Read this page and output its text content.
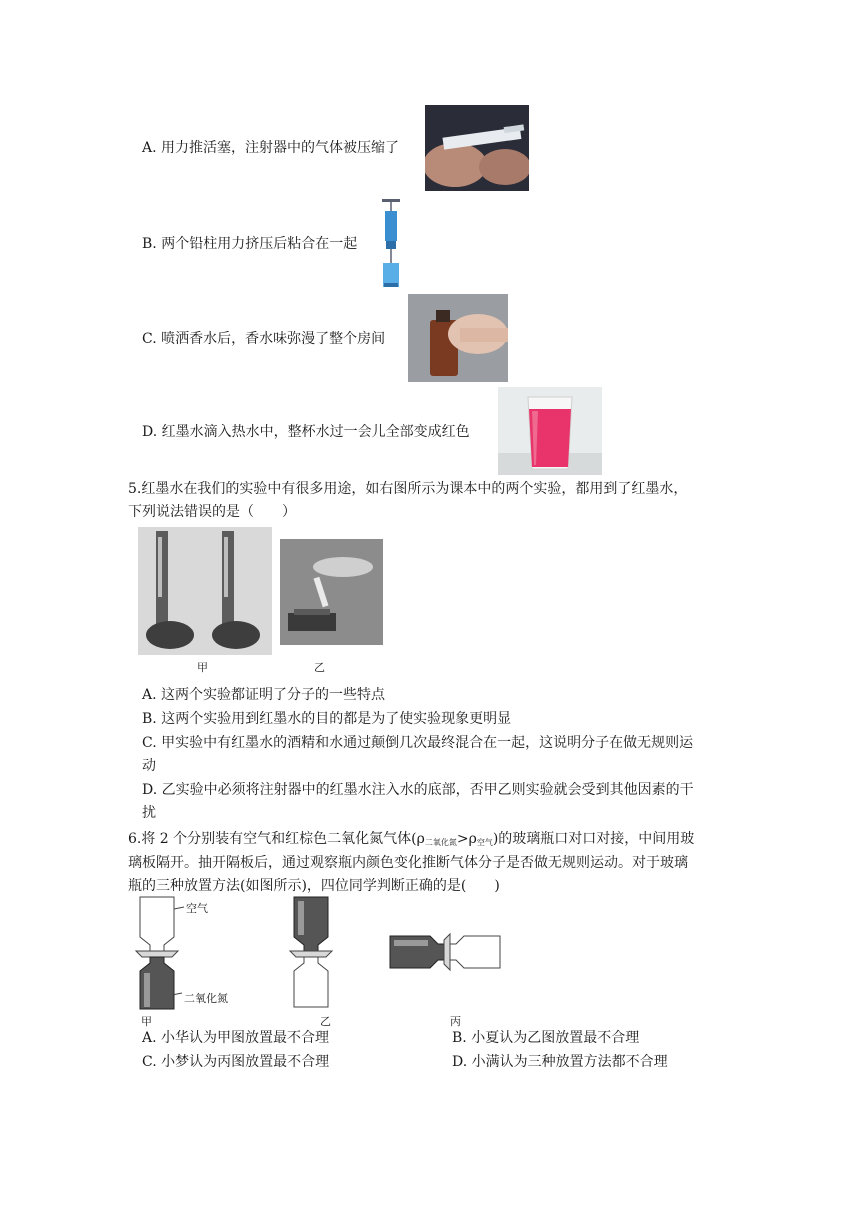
A. 用力推活塞，注射器中的气体被压缩了
B. 两个铅柱用力挤压后粘合在一起
C. 喷洒香水后，香水味弥漫了整个房间
D. 红墨水滴入热水中，整杯水过一会儿全部变成红色
5.红墨水在我们的实验中有很多用途，如右图所示为课本中的两个实验，都用到了红墨水，
下列说法错误的是（　　）
甲	乙
A. 这两个实验都证明了分子的一些特点
B. 这两个实验用到红墨水的目的都是为了使实验现象更明显
C. 甲实验中有红墨水的酒精和水通过颠倒几次最终混合在一起，这说明分子在做无规则运
动
D. 乙实验中必须将注射器中的红墨水注入水的底部，否甲乙则实验就会受到其他因素的干
扰
6.将 2 个分别装有空气和红棕色二氧化氮气体$(\rho_{二氧化氮}>\rho_{空气})$的玻璃瓶口对口对接，中间用玻
璃板隔开。抽开隔板后，通过观察瓶内颜色变化推断气体分子是否做无规则运动。对于玻璃
瓶的三种放置方法(如图所示)，四位同学判断正确的是(　　)
空气
二氧化氮
甲	乙	丙
A. 小华认为甲图放置最不合理	B. 小夏认为乙图放置最不合理
C. 小梦认为丙图放置最不合理	D. 小满认为三种放置方法都不合理
